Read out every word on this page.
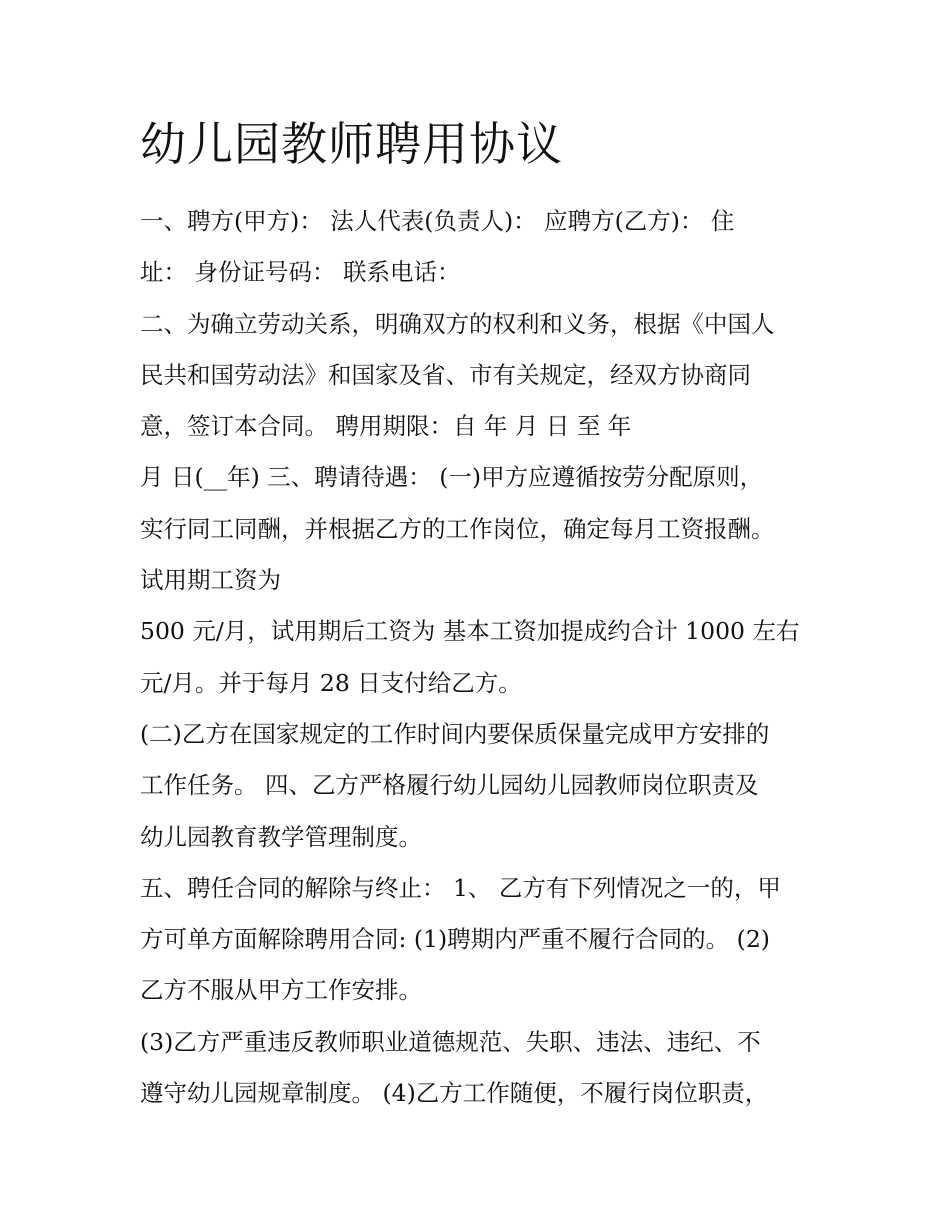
幼儿园教师聘用协议
一、聘方(甲方)： 法人代表(负责人)： 应聘方(乙方)： 住
址： 身份证号码： 联系电话：
二、为确立劳动关系，明确双方的权利和义务，根据《中国人
民共和国劳动法》和国家及省、市有关规定，经双方协商同
意，签订本合同。 聘用期限：自 年 月 日 至 年
月 日(__年) 三、聘请待遇： (一)甲方应遵循按劳分配原则，
实行同工同酬，并根据乙方的工作岗位，确定每月工资报酬。
试用期工资为
500 元/月，试用期后工资为 基本工资加提成约合计 1000 左右
元/月。并于每月 28 日支付给乙方。
(二)乙方在国家规定的工作时间内要保质保量完成甲方安排的
工作任务。 四、乙方严格履行幼儿园幼儿园教师岗位职责及
幼儿园教育教学管理制度。
五、聘任合同的解除与终止： 1、 乙方有下列情况之一的，甲
方可单方面解除聘用合同: (1)聘期内严重不履行合同的。 (2)
乙方不服从甲方工作安排。
(3)乙方严重违反教师职业道德规范、失职、违法、违纪、不
遵守幼儿园规章制度。 (4)乙方工作随便，不履行岗位职责，
